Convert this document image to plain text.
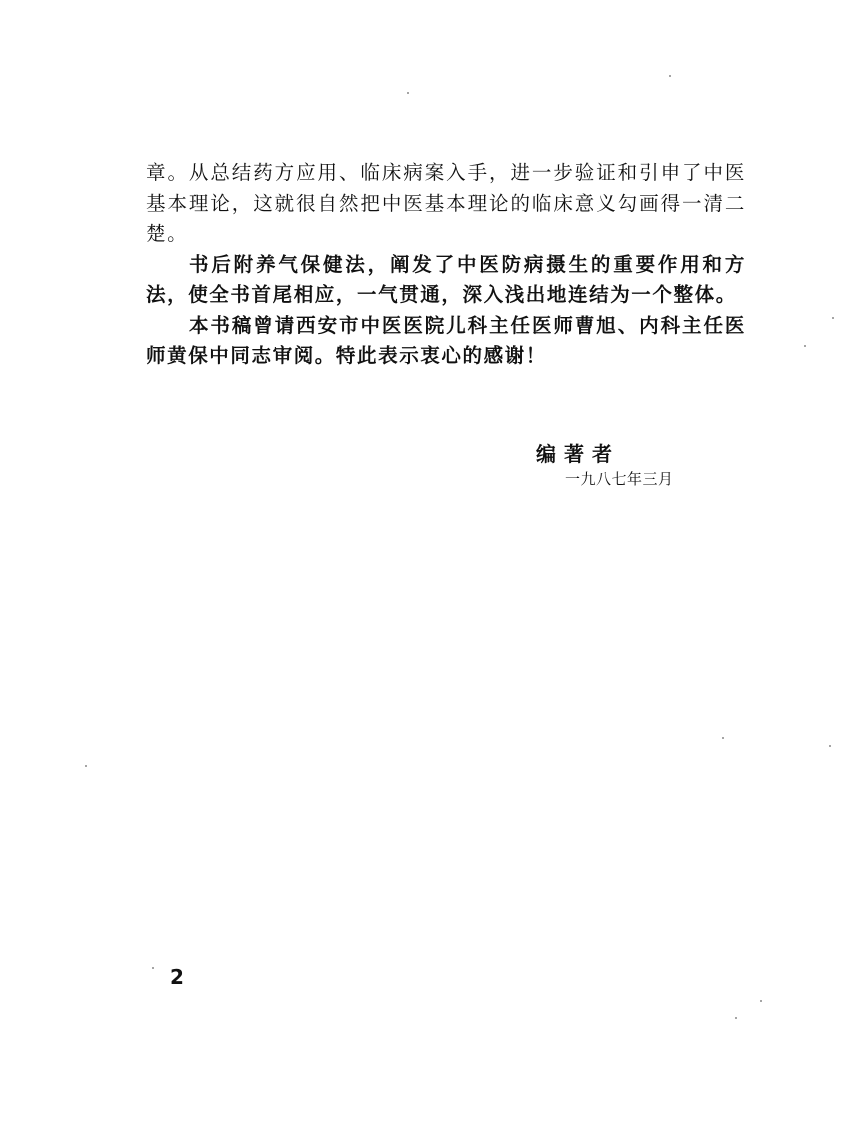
章。从总结药方应用、临床病案入手，进一步验证和引申了中医基本理论，这就很自然把中医基本理论的临床意义勾画得一清二楚。

书后附养气保健法，阐发了中医防病摄生的重要作用和方法，使全书首尾相应，一气贯通，深入浅出地连结为一个整体。

本书稿曾请西安市中医医院儿科主任医师曹旭、内科主任医师黄保中同志审阅。特此表示衷心的感谢！

编著者
一九八七年三月
2
